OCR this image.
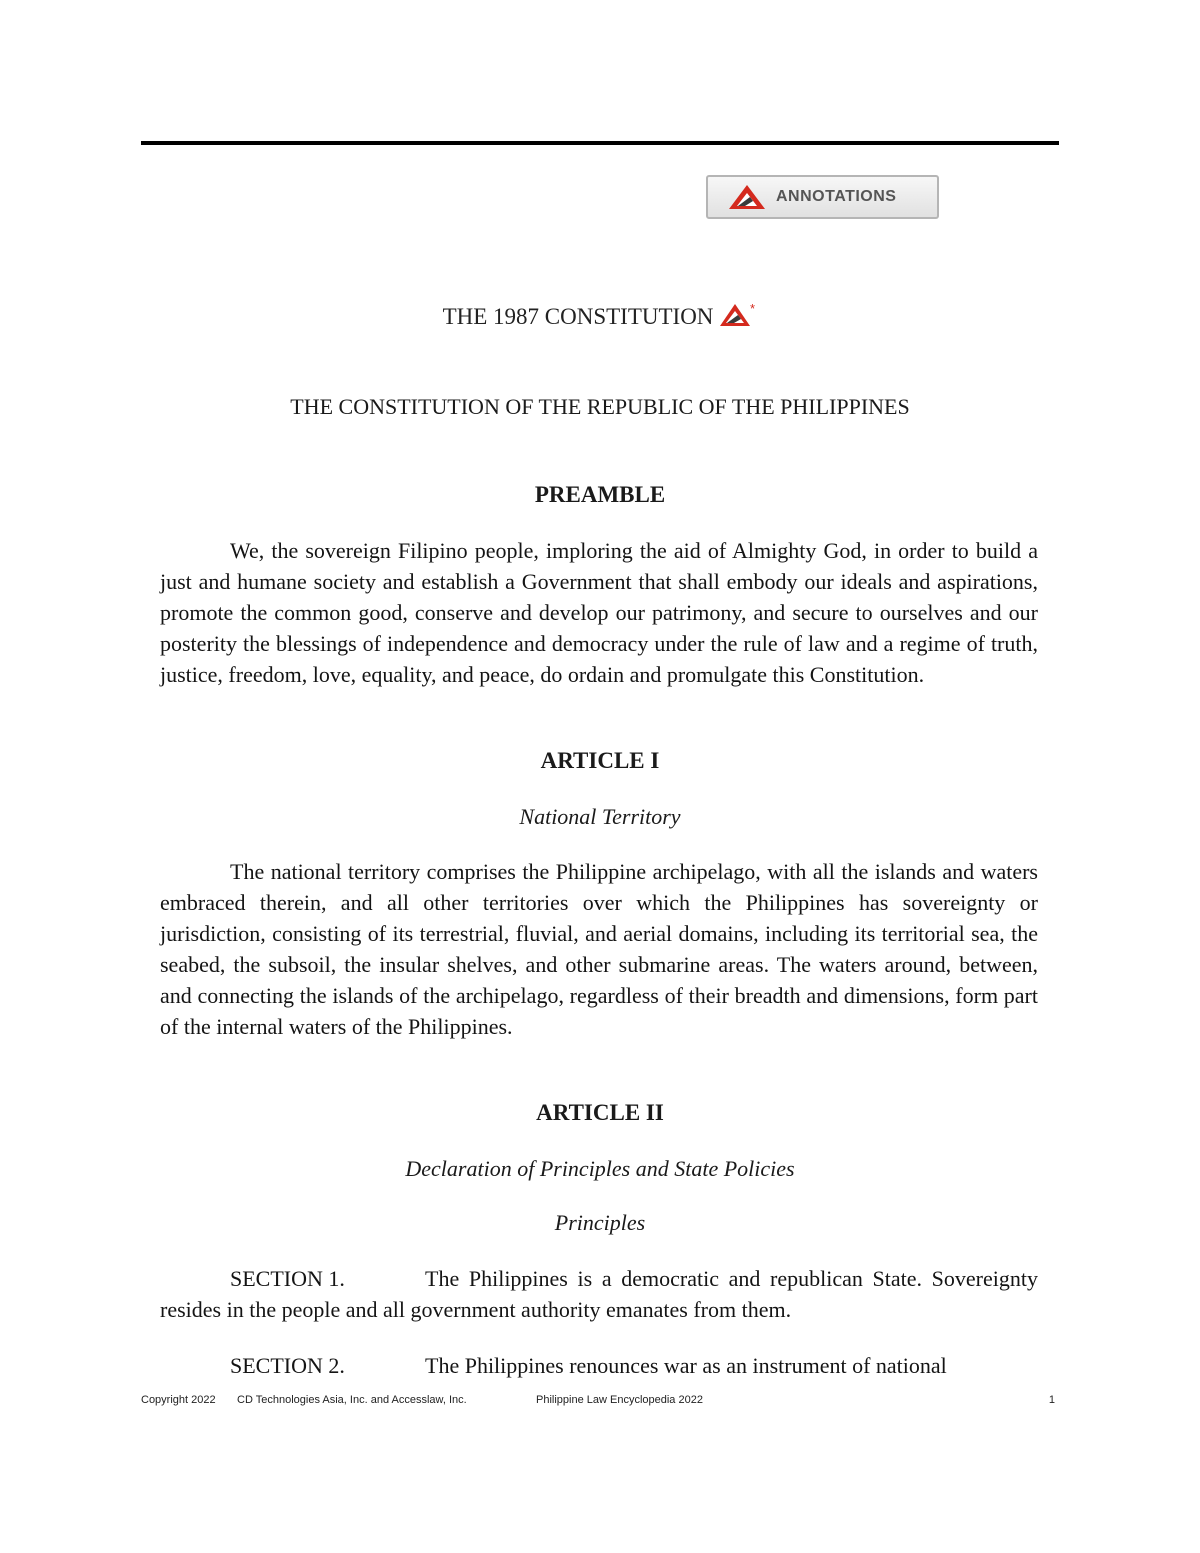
ANNOTATIONS
THE 1987 CONSTITUTION	*
THE CONSTITUTION OF THE REPUBLIC OF THE PHILIPPINES
PREAMBLE

We, the sovereign Filipino people, imploring the aid of Almighty God, in order to build a just and humane society and establish a Government that shall embody our ideals and aspirations, promote the common good, conserve and develop our patrimony, and secure to ourselves and our posterity the blessings of independence and democracy under the rule of law and a regime of truth, justice, freedom, love, equality, and peace, do ordain and promulgate this Constitution.

ARTICLE I
National Territory

The national territory comprises the Philippine archipelago, with all the islands and waters embraced therein, and all other territories over which the Philippines has sovereignty or jurisdiction, consisting of its terrestrial, fluvial, and aerial domains, including its territorial sea, the seabed, the subsoil, the insular shelves, and other submarine areas. The waters around, between, and connecting the islands of the archipelago, regardless of their breadth and dimensions, form part of the internal waters of the Philippines.

ARTICLE II
Declaration of Principles and State Policies
Principles

SECTION 1.	The Philippines is a democratic and republican State. Sovereignty resides in the people and all government authority emanates from them.

SECTION 2.	The Philippines renounces war as an instrument of national

Copyright 2022 CD Technologies Asia, Inc. and Accesslaw, Inc.	Philippine Law Encyclopedia 2022	1
